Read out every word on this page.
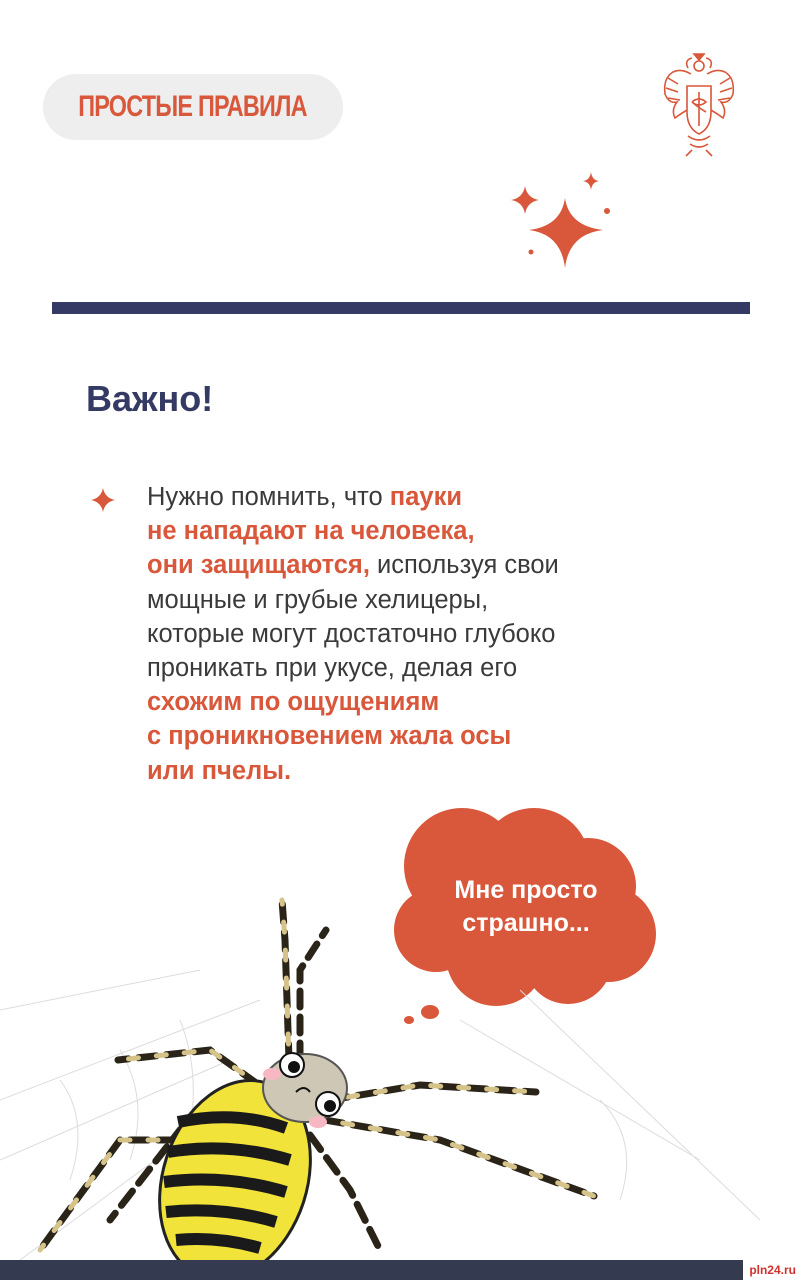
ПРОСТЫЕ ПРАВИЛА
Важно!
Нужно помнить, что пауки
не нападают на человека,
они защищаются, используя свои
мощные и грубые хелицеры,
которые могут достаточно глубоко
проникать при укусе, делая его
схожим по ощущениям
с проникновением жала осы
или пчелы.
Мне просто
страшно...
pln24.ru
